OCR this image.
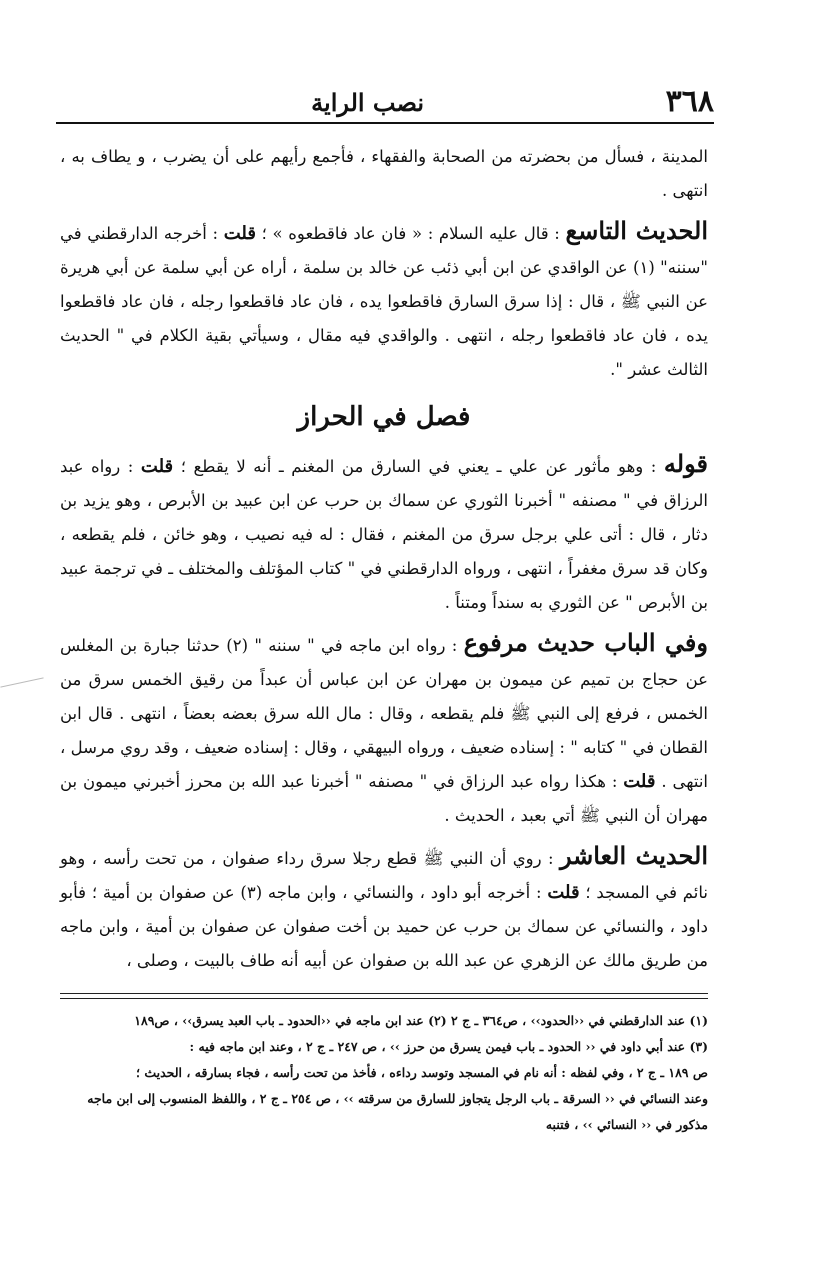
٣٦٨
نصب الراية

المدينة ، فسأل من بحضرته من الصحابة والفقهاء ، فأجمع رأيهم على أن يضرب ، و يطاف به ، انتهى .

الحديث التاسع : قال عليه السلام : « فان عاد فاقطعوه » ؛ قلت : أخرجه الدارقطني في "سننه" (١) عن الواقدي عن ابن أبي ذئب عن خالد بن سلمة ، أراه عن أبي سلمة عن أبي هريرة عن النبي ﷺ ، قال : إذا سرق السارق فاقطعوا يده ، فان عاد فاقطعوا رجله ، فان عاد فاقطعوا يده ، فان عاد فاقطعوا رجله ، انتهى . والواقدي فيه مقال ، وسيأتي بقية الكلام في " الحديث الثالث عشر ".

فصل في الحراز

قوله : وهو مأثور عن علي ـ يعني في السارق من المغنم ـ أنه لا يقطع ؛ قلت : رواه عبد الرزاق في " مصنفه " أخبرنا الثوري عن سماك بن حرب عن ابن عبيد بن الأبرص ، وهو يزيد بن دثار ، قال : أتى علي برجل سرق من المغنم ، فقال : له فيه نصيب ، وهو خائن ، فلم يقطعه ، وكان قد سرق مغفراً ، انتهى ، ورواه الدارقطني في " كتاب المؤتلف والمختلف ـ في ترجمة عبيد بن الأبرص " عن الثوري به سنداً ومتناً .

وفي الباب حديث مرفوع : رواه ابن ماجه في " سننه " (٢) حدثنا جبارة بن المغلس عن حجاج بن تميم عن ميمون بن مهران عن ابن عباس أن عبداً من رقيق الخمس سرق من الخمس ، فرفع إلى النبي ﷺ فلم يقطعه ، وقال : مال الله سرق بعضه بعضاً ، انتهى . قال ابن القطان في " كتابه " : إسناده ضعيف ، ورواه البيهقي ، وقال : إسناده ضعيف ، وقد روي مرسل ، انتهى . قلت : هكذا رواه عبد الرزاق في " مصنفه " أخبرنا عبد الله بن محرز أخبرني ميمون بن مهران أن النبي ﷺ أتي بعبد ، الحديث .

الحديث العاشر : روي أن النبي ﷺ قطع رجلا سرق رداء صفوان ، من تحت رأسه ، وهو نائم في المسجد ؛ قلت : أخرجه أبو داود ، والنسائي ، وابن ماجه (٣) عن صفوان بن أمية ؛ فأبو داود ، والنسائي عن سماك بن حرب عن حميد بن أخت صفوان عن صفوان بن أمية ، وابن ماجه من طريق مالك عن الزهري عن عبد الله بن صفوان عن أبيه أنه طاف بالبيت ، وصلى ،

(١) عند الدارقطني في ‹‹الحدود›› ، ص٣٦٤ ـ ج ٢ (٢) عند ابن ماجه في ‹‹الحدود ـ باب العبد يسرق›› ، ص١٨٩

(٣) عند أبي داود في ‹‹ الحدود ـ باب فيمن يسرق من حرز ›› ، ص ٢٤٧ ـ ج ٢ ، وعند ابن ماجه فيه :

ص ١٨٩ ـ ج ٢ ، وفي لفظه : أنه نام في المسجد وتوسد رداءه ، فأخذ من تحت رأسه ، فجاء بسارقه ، الحديث ؛

وعند النسائي في ‹‹ السرقة ـ باب الرجل يتجاوز للسارق من سرقته ›› ، ص ٢٥٤ ـ ج ٢ ، واللفظ المنسوب إلى ابن ماجه

مذكور في ‹‹ النسائي ›› ، فتنبه
